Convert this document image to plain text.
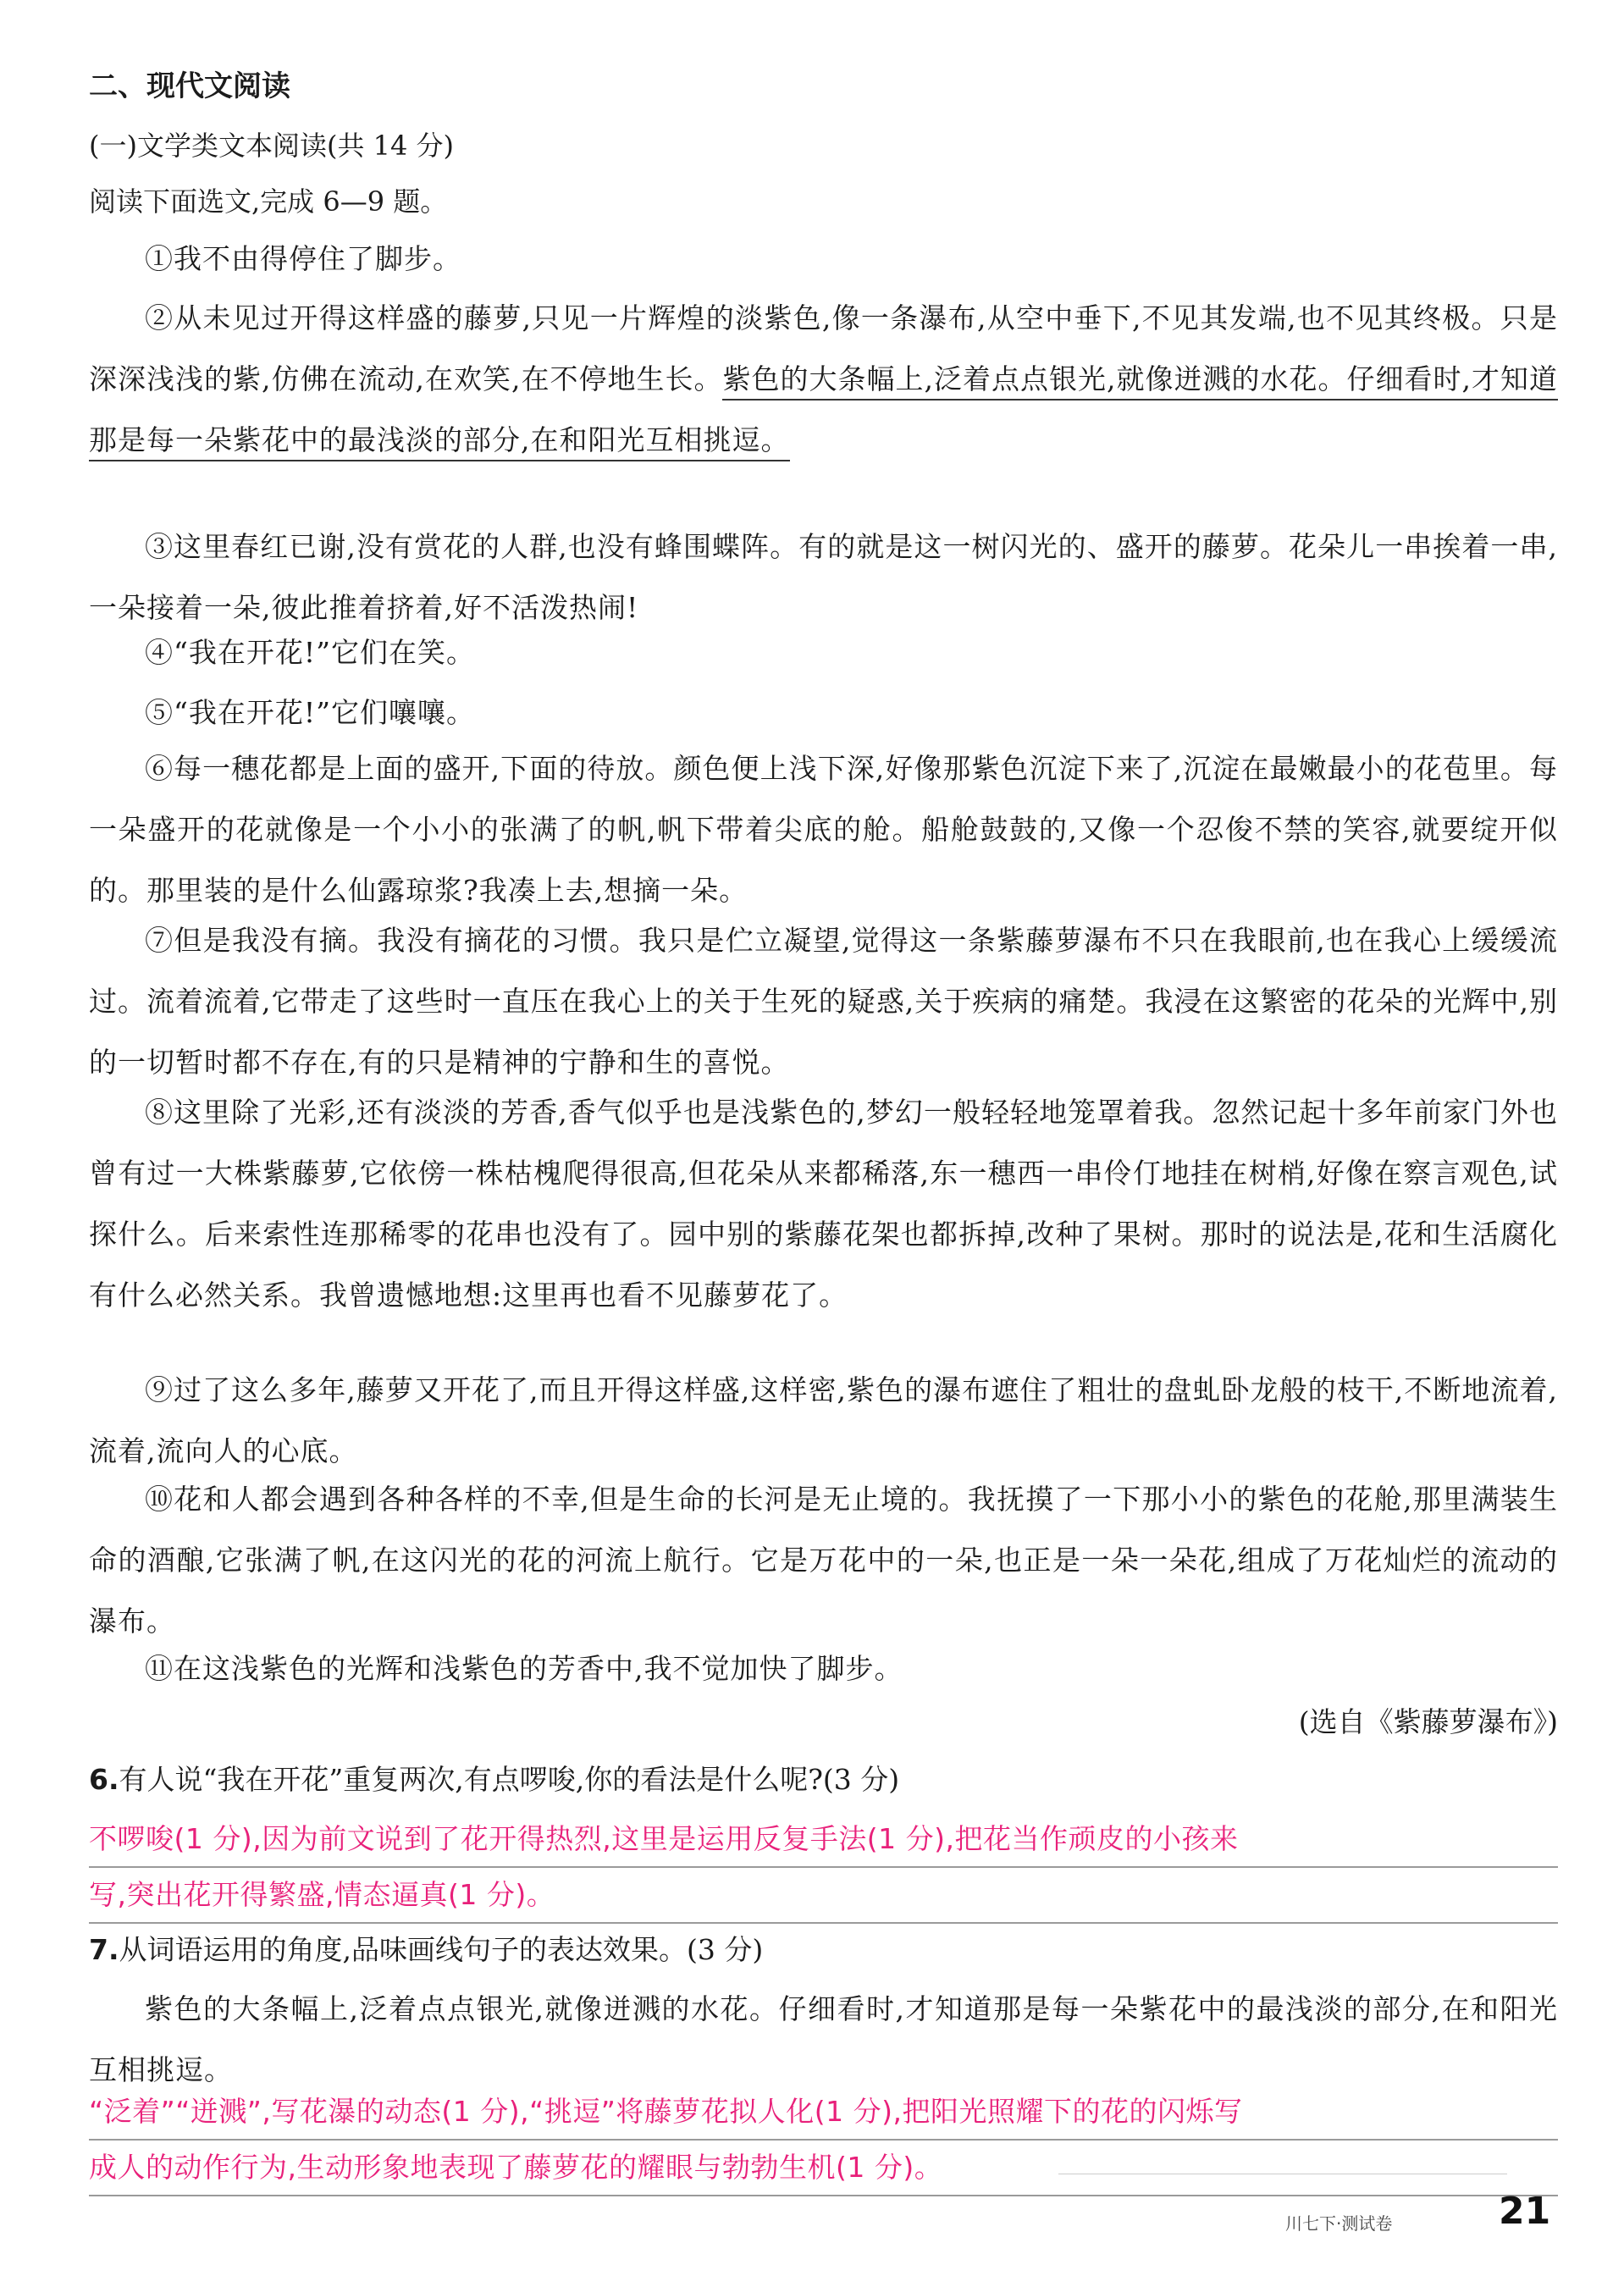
二、现代文阅读
(一)文学类文本阅读(共 14 分)
阅读下面选文,完成 6—9 题。
①我不由得停住了脚步。
②从未见过开得这样盛的藤萝,只见一片辉煌的淡紫色,像一条瀑布,从空中垂下,不见其发端,也不见其终极。只是深深浅浅的紫,仿佛在流动,在欢笑,在不停地生长。紫色的大条幅上,泛着点点银光,就像迸溅的水花。仔细看时,才知道那是每一朵紫花中的最浅淡的部分,在和阳光互相挑逗。
③这里春红已谢,没有赏花的人群,也没有蜂围蝶阵。有的就是这一树闪光的、盛开的藤萝。花朵儿一串挨着一串,一朵接着一朵,彼此推着挤着,好不活泼热闹!
④“我在开花!”它们在笑。
⑤“我在开花!”它们嚷嚷。
⑥每一穗花都是上面的盛开,下面的待放。颜色便上浅下深,好像那紫色沉淀下来了,沉淀在最嫩最小的花苞里。每一朵盛开的花就像是一个小小的张满了的帆,帆下带着尖底的舱。船舱鼓鼓的,又像一个忍俊不禁的笑容,就要绽开似的。那里装的是什么仙露琼浆?我凑上去,想摘一朵。
⑦但是我没有摘。我没有摘花的习惯。我只是伫立凝望,觉得这一条紫藤萝瀑布不只在我眼前,也在我心上缓缓流过。流着流着,它带走了这些时一直压在我心上的关于生死的疑惑,关于疾病的痛楚。我浸在这繁密的花朵的光辉中,别的一切暂时都不存在,有的只是精神的宁静和生的喜悦。
⑧这里除了光彩,还有淡淡的芳香,香气似乎也是浅紫色的,梦幻一般轻轻地笼罩着我。忽然记起十多年前家门外也曾有过一大株紫藤萝,它依傍一株枯槐爬得很高,但花朵从来都稀落,东一穗西一串伶仃地挂在树梢,好像在察言观色,试探什么。后来索性连那稀零的花串也没有了。园中别的紫藤花架也都拆掉,改种了果树。那时的说法是,花和生活腐化有什么必然关系。我曾遗憾地想:这里再也看不见藤萝花了。
⑨过了这么多年,藤萝又开花了,而且开得这样盛,这样密,紫色的瀑布遮住了粗壮的盘虬卧龙般的枝干,不断地流着,流着,流向人的心底。
⑩花和人都会遇到各种各样的不幸,但是生命的长河是无止境的。我抚摸了一下那小小的紫色的花舱,那里满装生命的酒酿,它张满了帆,在这闪光的花的河流上航行。它是万花中的一朵,也正是一朵一朵花,组成了万花灿烂的流动的瀑布。
⑪在这浅紫色的光辉和浅紫色的芳香中,我不觉加快了脚步。
(选自《紫藤萝瀑布》)
6.有人说“我在开花”重复两次,有点啰唆,你的看法是什么呢?(3 分)
不啰唆(1 分),因为前文说到了花开得热烈,这里是运用反复手法(1 分),把花当作顽皮的小孩来
写,突出花开得繁盛,情态逼真(1 分)。
7.从词语运用的角度,品味画线句子的表达效果。(3 分)
紫色的大条幅上,泛着点点银光,就像迸溅的水花。仔细看时,才知道那是每一朵紫花中的最浅淡的部分,在和阳光互相挑逗。
“泛着”“迸溅”,写花瀑的动态(1 分),“挑逗”将藤萝花拟人化(1 分),把阳光照耀下的花的闪烁写
成人的动作行为,生动形象地表现了藤萝花的耀眼与勃勃生机(1 分)。
川七下·测试卷	21
